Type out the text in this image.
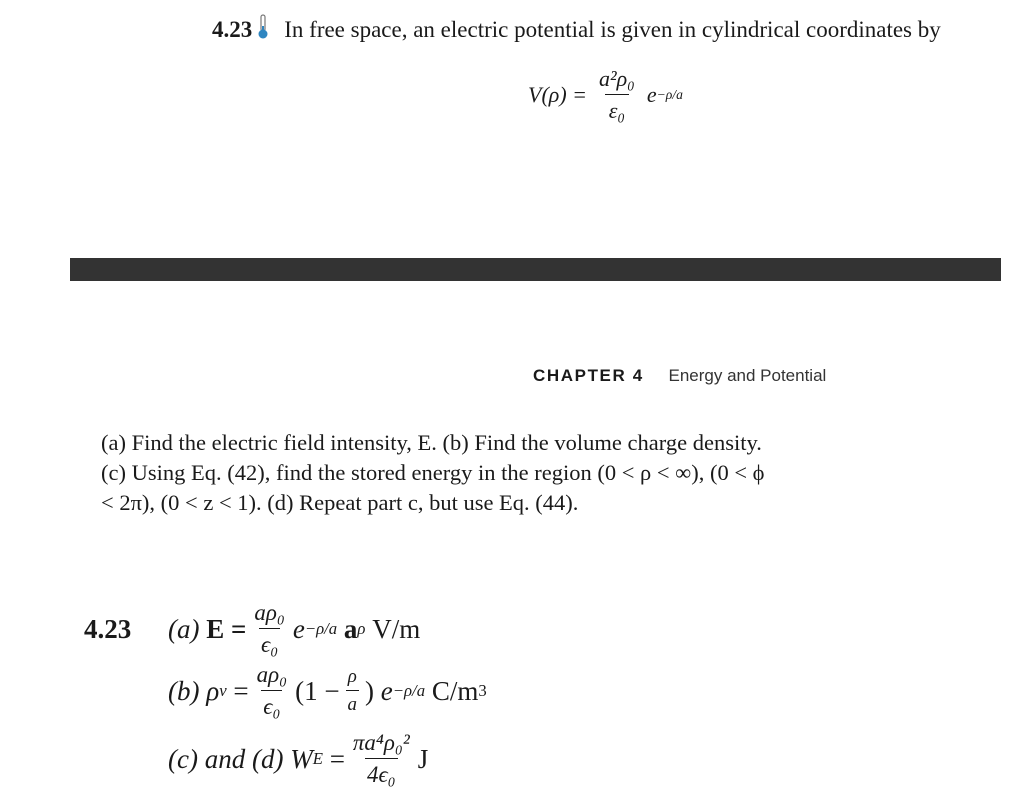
4.23 In free space, an electric potential is given in cylindrical coordinates by
$V(\rho) = \frac{\text{a²ρ₀}}{\text{ε₀}}$ e −ρ/a
CHAPTER 4 Energy and Potential
(a) Find the electric field intensity, E. (b) Find the volume charge density.
(c) Using Eq. (42), find the stored energy in the region (0 < ρ < ∞), (0 < ϕ
< 2π), (0 < z < 1). (d) Repeat part c, but use Eq. (44).
4.23	(a)
$E = \frac{\text{aρ₀}}{\text{ϵ₀}}$ e −ρ/a
a ρ
V/m
(b)
ρ v
= $\frac{\text{aρ₀}}{\text{ϵ₀}} (1 - \frac{\rho}{a}$ )
e −ρ/a
C/m 3
(c) and (d)
W E
= $\frac{\text{πa⁴ρ₀²}}{\text{4ϵ₀}}$ J
